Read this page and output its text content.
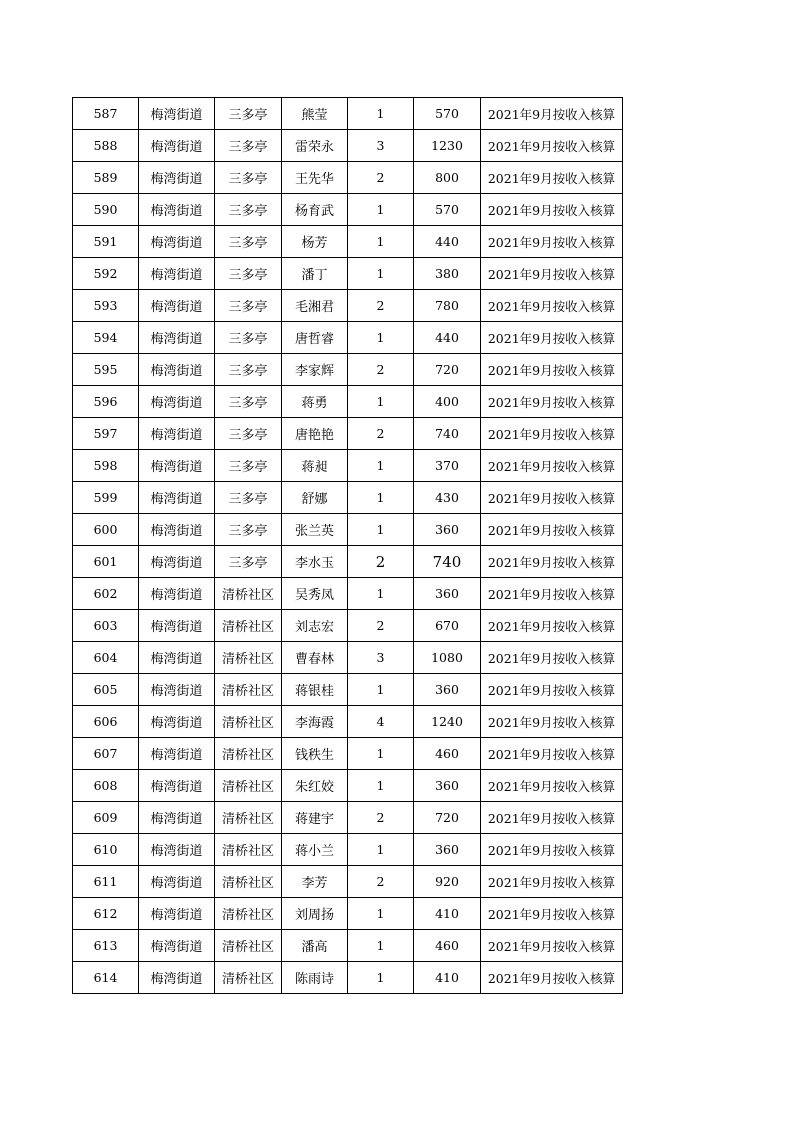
587	梅湾街道	三多亭	熊莹	1	570	2021年9月按收入核算
588	梅湾街道	三多亭	雷荣永	3	1230	2021年9月按收入核算
589	梅湾街道	三多亭	王先华	2	800	2021年9月按收入核算
590	梅湾街道	三多亭	杨育武	1	570	2021年9月按收入核算
591	梅湾街道	三多亭	杨芳	1	440	2021年9月按收入核算
592	梅湾街道	三多亭	潘丁	1	380	2021年9月按收入核算
593	梅湾街道	三多亭	毛湘君	2	780	2021年9月按收入核算
594	梅湾街道	三多亭	唐哲睿	1	440	2021年9月按收入核算
595	梅湾街道	三多亭	李家辉	2	720	2021年9月按收入核算
596	梅湾街道	三多亭	蒋勇	1	400	2021年9月按收入核算
597	梅湾街道	三多亭	唐艳艳	2	740	2021年9月按收入核算
598	梅湾街道	三多亭	蒋昶	1	370	2021年9月按收入核算
599	梅湾街道	三多亭	舒娜	1	430	2021年9月按收入核算
600	梅湾街道	三多亭	张兰英	1	360	2021年9月按收入核算
601	梅湾街道	三多亭	李水玉	2	740	2021年9月按收入核算
602	梅湾街道	清桥社区	吴秀凤	1	360	2021年9月按收入核算
603	梅湾街道	清桥社区	刘志宏	2	670	2021年9月按收入核算
604	梅湾街道	清桥社区	曹春林	3	1080	2021年9月按收入核算
605	梅湾街道	清桥社区	蒋银桂	1	360	2021年9月按收入核算
606	梅湾街道	清桥社区	李海霞	4	1240	2021年9月按收入核算
607	梅湾街道	清桥社区	钱秩生	1	460	2021年9月按收入核算
608	梅湾街道	清桥社区	朱红姣	1	360	2021年9月按收入核算
609	梅湾街道	清桥社区	蒋建宇	2	720	2021年9月按收入核算
610	梅湾街道	清桥社区	蒋小兰	1	360	2021年9月按收入核算
611	梅湾街道	清桥社区	李芳	2	920	2021年9月按收入核算
612	梅湾街道	清桥社区	刘周扬	1	410	2021年9月按收入核算
613	梅湾街道	清桥社区	潘高	1	460	2021年9月按收入核算
614	梅湾街道	清桥社区	陈雨诗	1	410	2021年9月按收入核算
